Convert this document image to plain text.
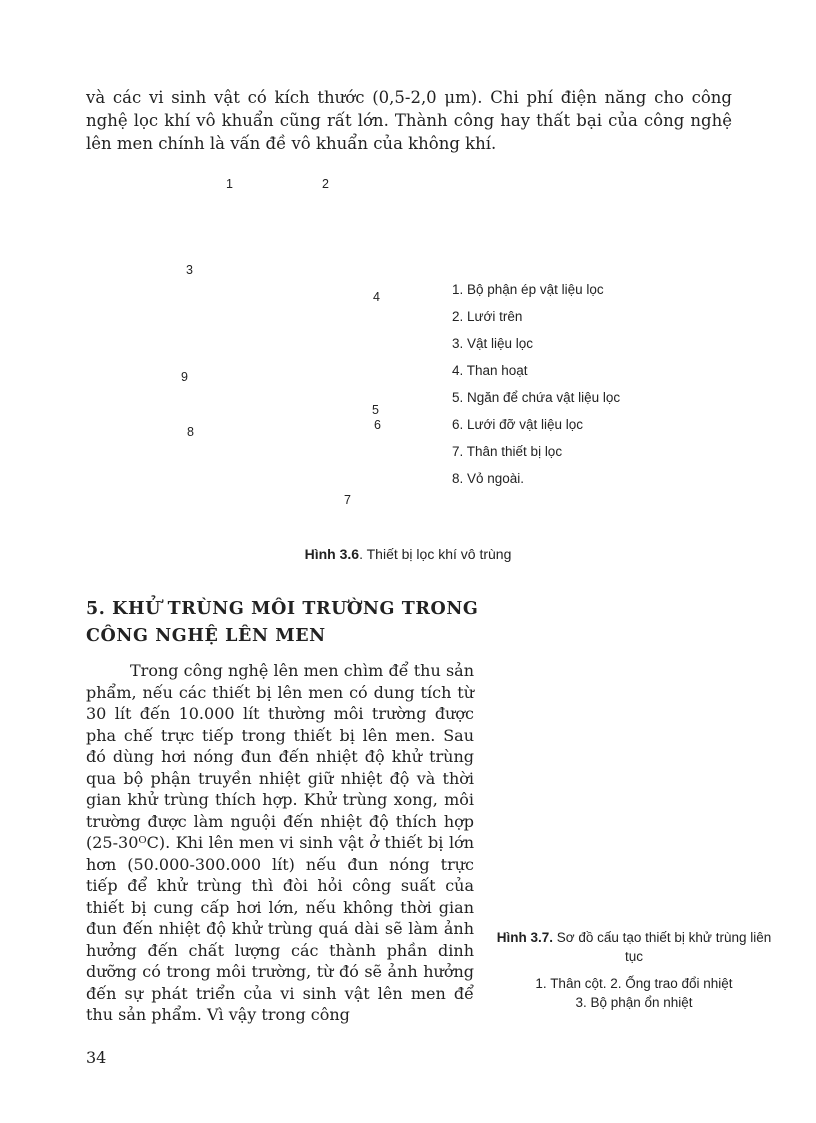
và các vi sinh vật có kích thước (0,5-2,0 μm). Chi phí điện năng cho công nghệ lọc khí vô khuẩn cũng rất lớn. Thành công hay thất bại của công nghệ lên men chính là vấn đề vô khuẩn của không khí.

1	2
3
4
9
5
6
8
7
1. Bộ phận ép vật liệu lọc
2. Lưới trên
3. Vật liệu lọc
4. Than hoạt
5. Ngăn để chứa vật liệu lọc
6. Lưới đỡ vật liệu lọc
7. Thân thiết bị lọc
8. Vỏ ngoài.
Hình 3.6. Thiết bị lọc khí vô trùng
5. KHỬ TRÙNG MÔI TRƯỜNG TRONG
CÔNG NGHỆ LÊN MEN

Trong công nghệ lên men chìm để thu sản phẩm, nếu các thiết bị lên men có dung tích từ 30 lít đến 10.000 lít thường môi trường được pha chế trực tiếp trong thiết bị lên men. Sau đó dùng hơi nóng đun đến nhiệt độ khử trùng qua bộ phận truyền nhiệt giữ nhiệt độ và thời gian khử trùng thích hợp. Khử trùng xong, môi trường được làm nguội đến nhiệt độ thích hợp (25-30ᴼC). Khi lên men vi sinh vật ở thiết bị lớn hơn (50.000-300.000 lít) nếu đun nóng trực tiếp để khử trùng thì đòi hỏi công suất của thiết bị cung cấp hơi lớn, nếu không thời gian đun đến nhiệt độ khử trùng quá dài sẽ làm ảnh hưởng đến chất lượng các thành phần dinh dưỡng có trong môi trường, từ đó sẽ ảnh hưởng đến sự phát triển của vi sinh vật lên men để thu sản phẩm. Vì vậy trong công

Hình 3.7. Sơ đồ cấu tạo thiết bị khử trùng liên tục

1. Thân cột. 2. Ống trao đổi nhiệt
3. Bộ phận ổn nhiệt

34
